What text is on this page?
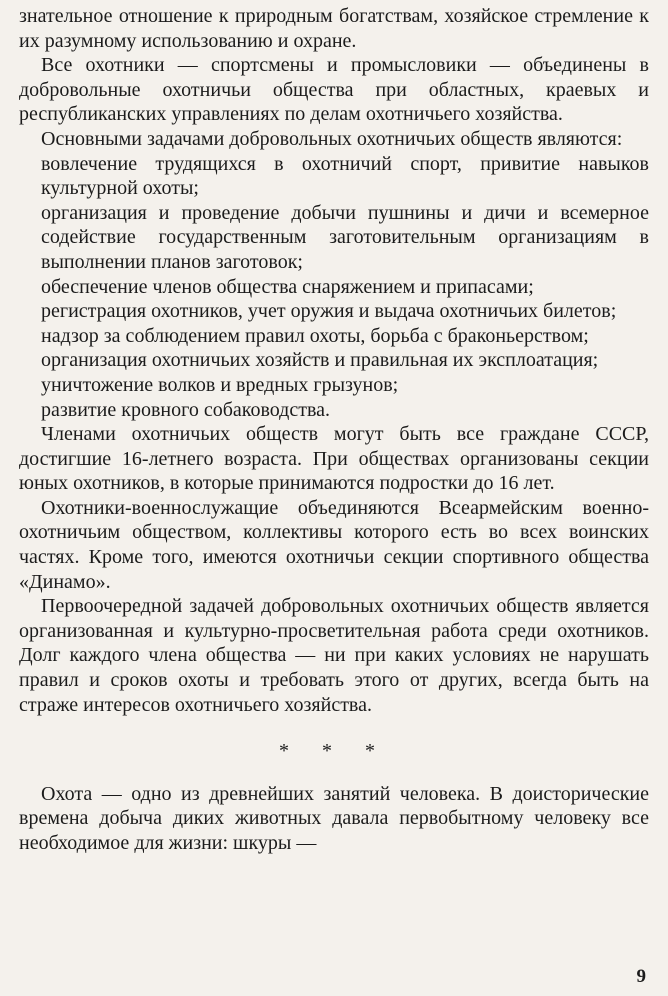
знательное отношение к природным богатствам, хозяйское стремление к их разумному использованию и охране.

Все охотники — спортсмены и промысловики — объединены в добровольные охотничьи общества при областных, краевых и республиканских управлениях по делам охотничьего хозяйства.

Основными задачами добровольных охотничьих обществ являются:

вовлечение трудящихся в охотничий спорт, привитие навыков культурной охоты;

организация и проведение добычи пушнины и дичи и всемерное содействие государственным заготовительным организациям в выполнении планов заготовок;

обеспечение членов общества снаряжением и припасами;

регистрация охотников, учет оружия и выдача охотничьих билетов;

надзор за соблюдением правил охоты, борьба с браконьерством;

организация охотничьих хозяйств и правильная их эксплоатация;

уничтожение волков и вредных грызунов;

развитие кровного собаководства.

Членами охотничьих обществ могут быть все граждане СССР, достигшие 16-летнего возраста. При обществах организованы секции юных охотников, в которые принимаются подростки до 16 лет.

Охотники-военнослужащие объединяются Всеармейским военно-охотничьим обществом, коллективы которого есть во всех воинских частях. Кроме того, имеются охотничьи секции спортивного общества «Динамо».

Первоочередной задачей добровольных охотничьих обществ является организованная и культурно-просветительная работа среди охотников. Долг каждого члена общества — ни при каких условиях не нарушать правил и сроков охоты и требовать этого от других, всегда быть на страже интересов охотничьего хозяйства.

* * *

Охота — одно из древнейших занятий человека. В доисторические времена добыча диких животных давала первобытному человеку все необходимое для жизни: шкуры —

9
